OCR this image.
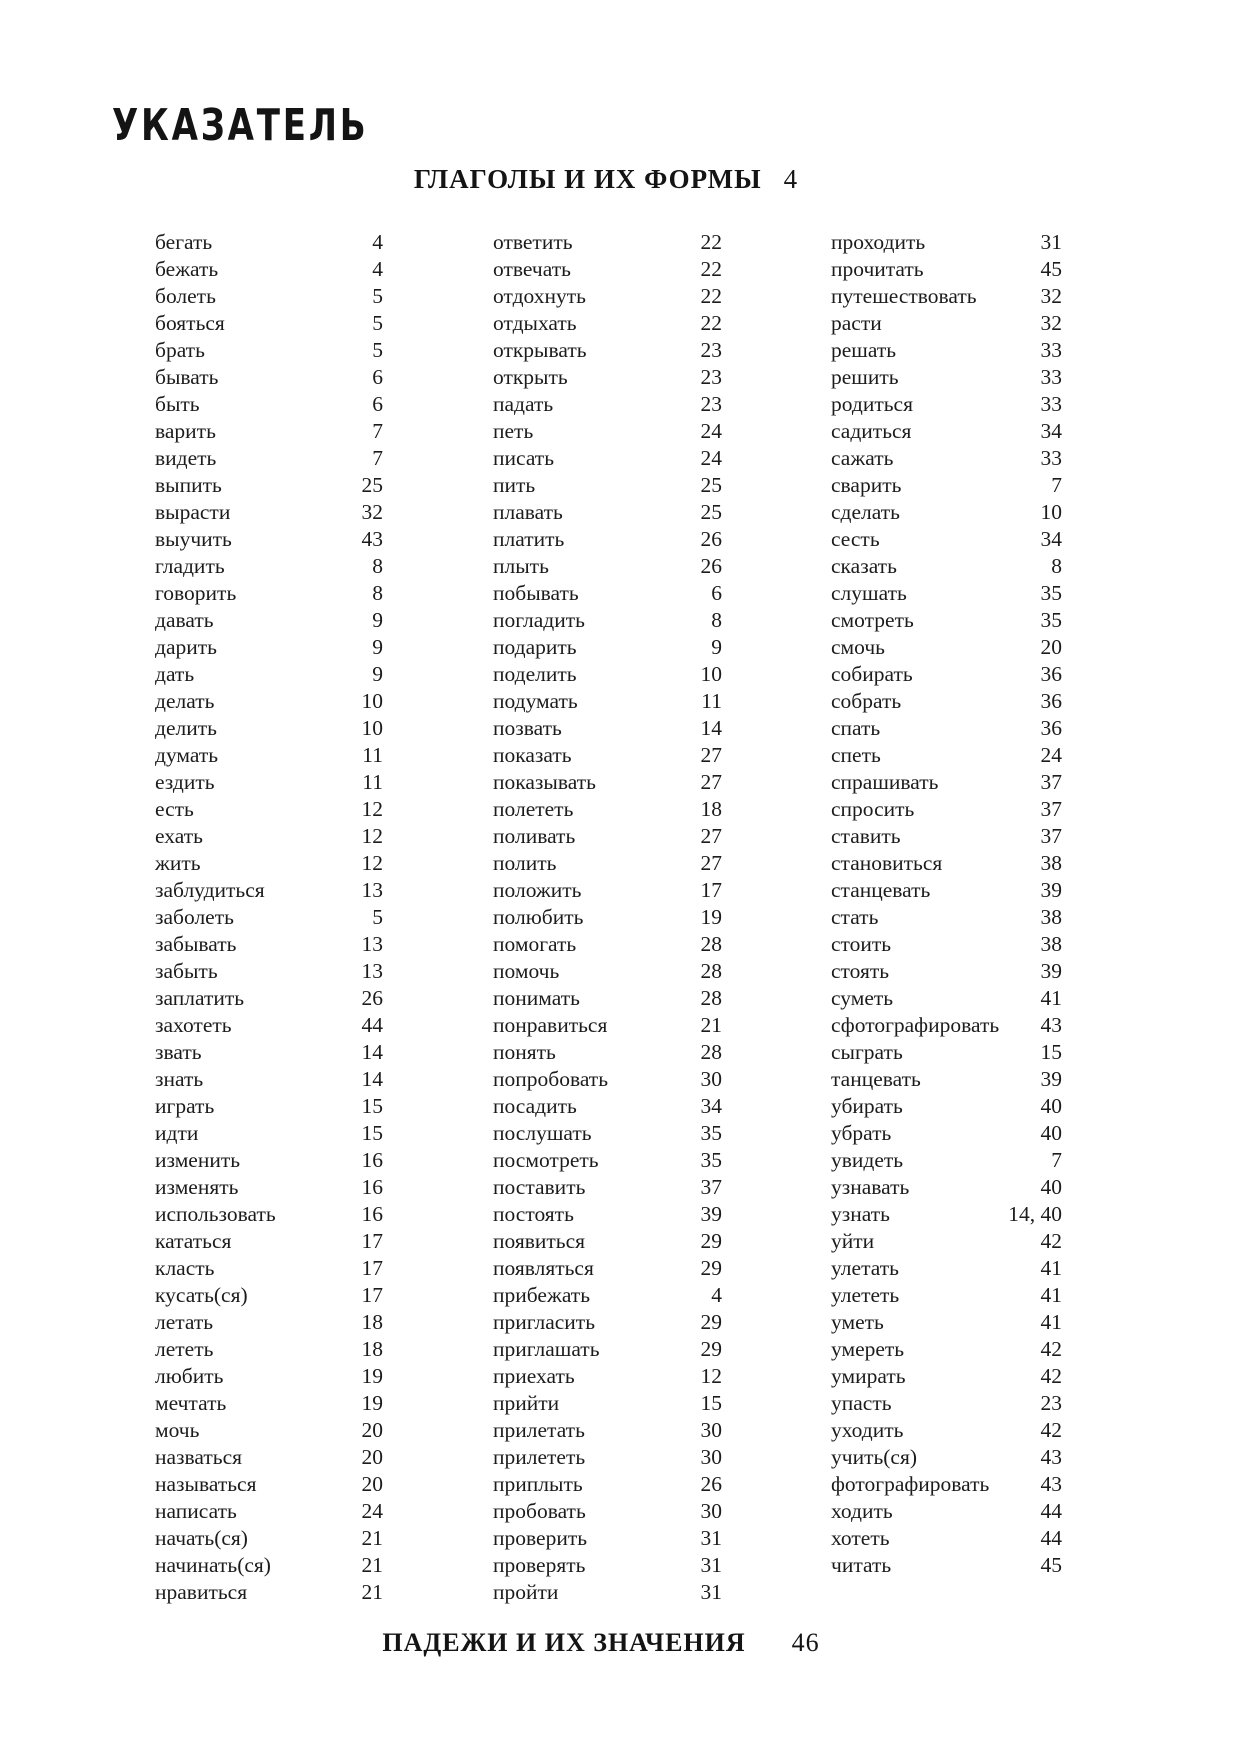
УКАЗАТЕЛЬ
ГЛАГОЛЫ И ИХ ФОРМЫ 4
бегать	4
бежать	4
болеть	5
бояться	5
брать	5
бывать	6
быть	6
варить	7
видеть	7
выпить	25
вырасти	32
выучить	43
гладить	8
говорить	8
давать	9
дарить	9
дать	9
делать	10
делить	10
думать	11
ездить	11
есть	12
ехать	12
жить	12
заблудиться	13
заболеть	5
забывать	13
забыть	13
заплатить	26
захотеть	44
звать	14
знать	14
играть	15
идти	15
изменить	16
изменять	16
использовать	16
кататься	17
класть	17
кусать(ся)	17
летать	18
лететь	18
любить	19
мечтать	19
мочь	20
назваться	20
называться	20
написать	24
начать(ся)	21
начинать(ся)	21
нравиться	21
ответить	22
отвечать	22
отдохнуть	22
отдыхать	22
открывать	23
открыть	23
падать	23
петь	24
писать	24
пить	25
плавать	25
платить	26
плыть	26
побывать	6
погладить	8
подарить	9
поделить	10
подумать	11
позвать	14
показать	27
показывать	27
полететь	18
поливать	27
полить	27
положить	17
полюбить	19
помогать	28
помочь	28
понимать	28
понравиться	21
понять	28
попробовать	30
посадить	34
послушать	35
посмотреть	35
поставить	37
постоять	39
появиться	29
появляться	29
прибежать	4
пригласить	29
приглашать	29
приехать	12
прийти	15
прилетать	30
прилететь	30
приплыть	26
пробовать	30
проверить	31
проверять	31
пройти	31
проходить	31
прочитать	45
путешествовать	32
расти	32
решать	33
решить	33
родиться	33
садиться	34
сажать	33
сварить	7
сделать	10
сесть	34
сказать	8
слушать	35
смотреть	35
смочь	20
собирать	36
собрать	36
спать	36
спеть	24
спрашивать	37
спросить	37
ставить	37
становиться	38
станцевать	39
стать	38
стоить	38
стоять	39
суметь	41
сфотографировать 43
сыграть	15
танцевать	39
убирать	40
убрать	40
увидеть	7
узнавать	40
узнать	14, 40
уйти	42
улетать	41
улететь	41
уметь	41
умереть	42
умирать	42
упасть	23
уходить	42
учить(ся)	43
фотографировать 43
ходить	44
хотеть	44
читать	45
ПАДЕЖИ И ИХ ЗНАЧЕНИЯ 46
